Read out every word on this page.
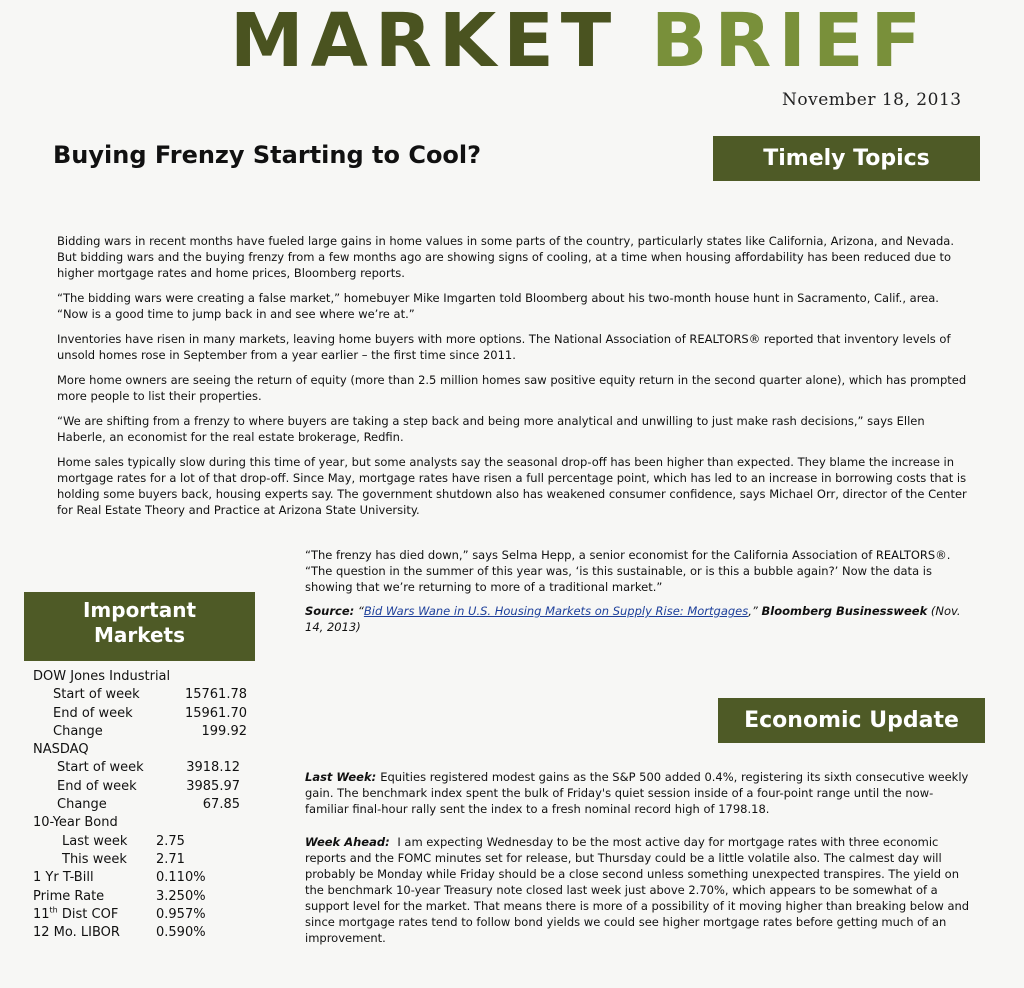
MARKET BRIEF
November 18, 2013
Buying Frenzy Starting to Cool?	Timely Topics

Bidding wars in recent months have fueled large gains in home values in some parts of the country, particularly states like California, Arizona, and Nevada. But bidding wars and the buying frenzy from a few months ago are showing signs of cooling, at a time when housing affordability has been reduced due to higher mortgage rates and home prices, Bloomberg reports.

“The bidding wars were creating a false market,” homebuyer Mike Imgarten told Bloomberg about his two-month house hunt in Sacramento, Calif., area. “Now is a good time to jump back in and see where we’re at.”

Inventories have risen in many markets, leaving home buyers with more options. The National Association of REALTORS® reported that inventory levels of unsold homes rose in September from a year earlier – the first time since 2011.

More home owners are seeing the return of equity (more than 2.5 million homes saw positive equity return in the second quarter alone), which has prompted more people to list their properties.

“We are shifting from a frenzy to where buyers are taking a step back and being more analytical and unwilling to just make rash decisions,” says Ellen Haberle, an economist for the real estate brokerage, Redfin.

Home sales typically slow during this time of year, but some analysts say the seasonal drop-off has been higher than expected. They blame the increase in mortgage rates for a lot of that drop-off. Since May, mortgage rates have risen a full percentage point, which has led to an increase in borrowing costs that is holding some buyers back, housing experts say. The government shutdown also has weakened consumer confidence, says Michael Orr, director of the Center for Real Estate Theory and Practice at Arizona State University.

“The frenzy has died down,” says Selma Hepp, a senior economist for the California Association of REALTORS®. “The question in the summer of this year was, ‘is this sustainable, or is this a bubble again?’ Now the data is showing that we’re returning to more of a traditional market.”

Source: “Bid Wars Wane in U.S. Housing Markets on Supply Rise: Mortgages,” Bloomberg Businessweek (Nov. 14, 2013)

Important
Markets
DOW Jones Industrial
Start of week	15761.78
End of week	15961.70
Change	199.92
NASDAQ
Start of week	3918.12
End of week	3985.97
Change	67.85
10-Year Bond
Last week 2.75
This week 2.71
1 Yr T-Bill	0.110%
Prime Rate	3.250%
11th Dist COF	0.957%
12 Mo. LIBOR	0.590%
Economic Update

Last Week: Equities registered modest gains as the S&P 500 added 0.4%, registering its sixth consecutive weekly gain. The benchmark index spent the bulk of Friday's quiet session inside of a four-point range until the now-familiar final-hour rally sent the index to a fresh nominal record high of 1798.18.

Week Ahead: I am expecting Wednesday to be the most active day for mortgage rates with three economic reports and the FOMC minutes set for release, but Thursday could be a little volatile also. The calmest day will probably be Monday while Friday should be a close second unless something unexpected transpires. The yield on the benchmark 10-year Treasury note closed last week just above 2.70%, which appears to be somewhat of a support level for the market. That means there is more of a possibility of it moving higher than breaking below and since mortgage rates tend to follow bond yields we could see higher mortgage rates before getting much of an improvement.
